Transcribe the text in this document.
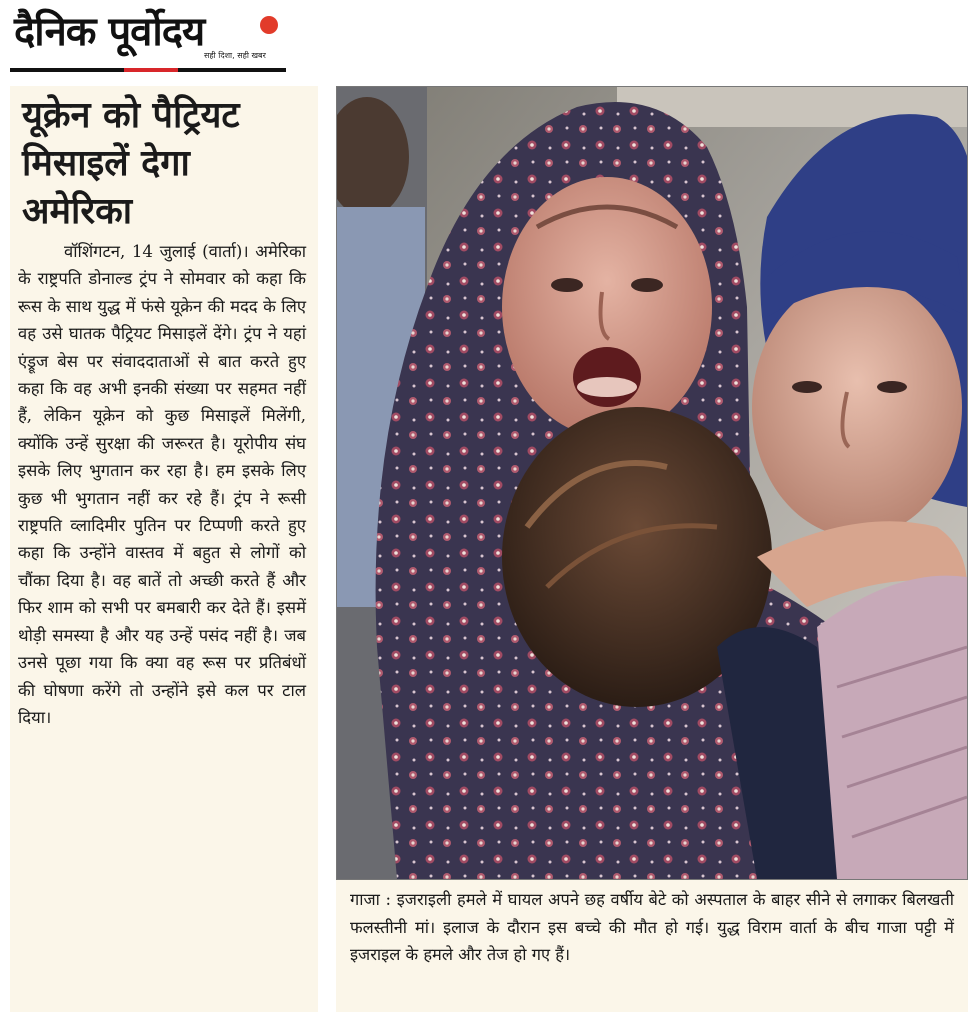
दैनिक पूर्वोदय
सही दिशा, सही खबर
यूक्रेन को पैट्रियट मिसाइलें देगा अमेरिका

वॉशिंगटन, 14 जुलाई (वार्ता)। अमेरिका के राष्ट्रपति डोनाल्ड ट्रंप ने सोमवार को कहा कि रूस के साथ युद्ध में फंसे यूक्रेन की मदद के लिए वह उसे घातक पैट्रियट मिसाइलें देंगे। ट्रंप ने यहां एंड्रूज बेस पर संवाददाताओं से बात करते हुए कहा कि वह अभी इनकी संख्या पर सहमत नहीं हैं, लेकिन यूक्रेन को कुछ मिसाइलें मिलेंगी, क्योंकि उन्हें सुरक्षा की जरूरत है। यूरोपीय संघ इसके लिए भुगतान कर रहा है। हम इसके लिए कुछ भी भुगतान नहीं कर रहे हैं। ट्रंप ने रूसी राष्ट्रपति व्लादिमीर पुतिन पर टिप्पणी करते हुए कहा कि उन्होंने वास्तव में बहुत से लोगों को चौंका दिया है। वह बातें तो अच्छी करते हैं और फिर शाम को सभी पर बमबारी कर देते हैं। इसमें थोड़ी समस्या है और यह उन्हें पसंद नहीं है। जब उनसे पूछा गया कि क्या वह रूस पर प्रतिबंधों की घोषणा करेंगे तो उन्होंने इसे कल पर टाल दिया।

गाजा : इजराइली हमले में घायल अपने छह वर्षीय बेटे को अस्पताल के बाहर सीने से लगाकर बिलखती फलस्तीनी मां। इलाज के दौरान इस बच्चे की मौत हो गई। युद्ध विराम वार्ता के बीच गाजा पट्टी में इजराइल के हमले और तेज हो गए हैं।
